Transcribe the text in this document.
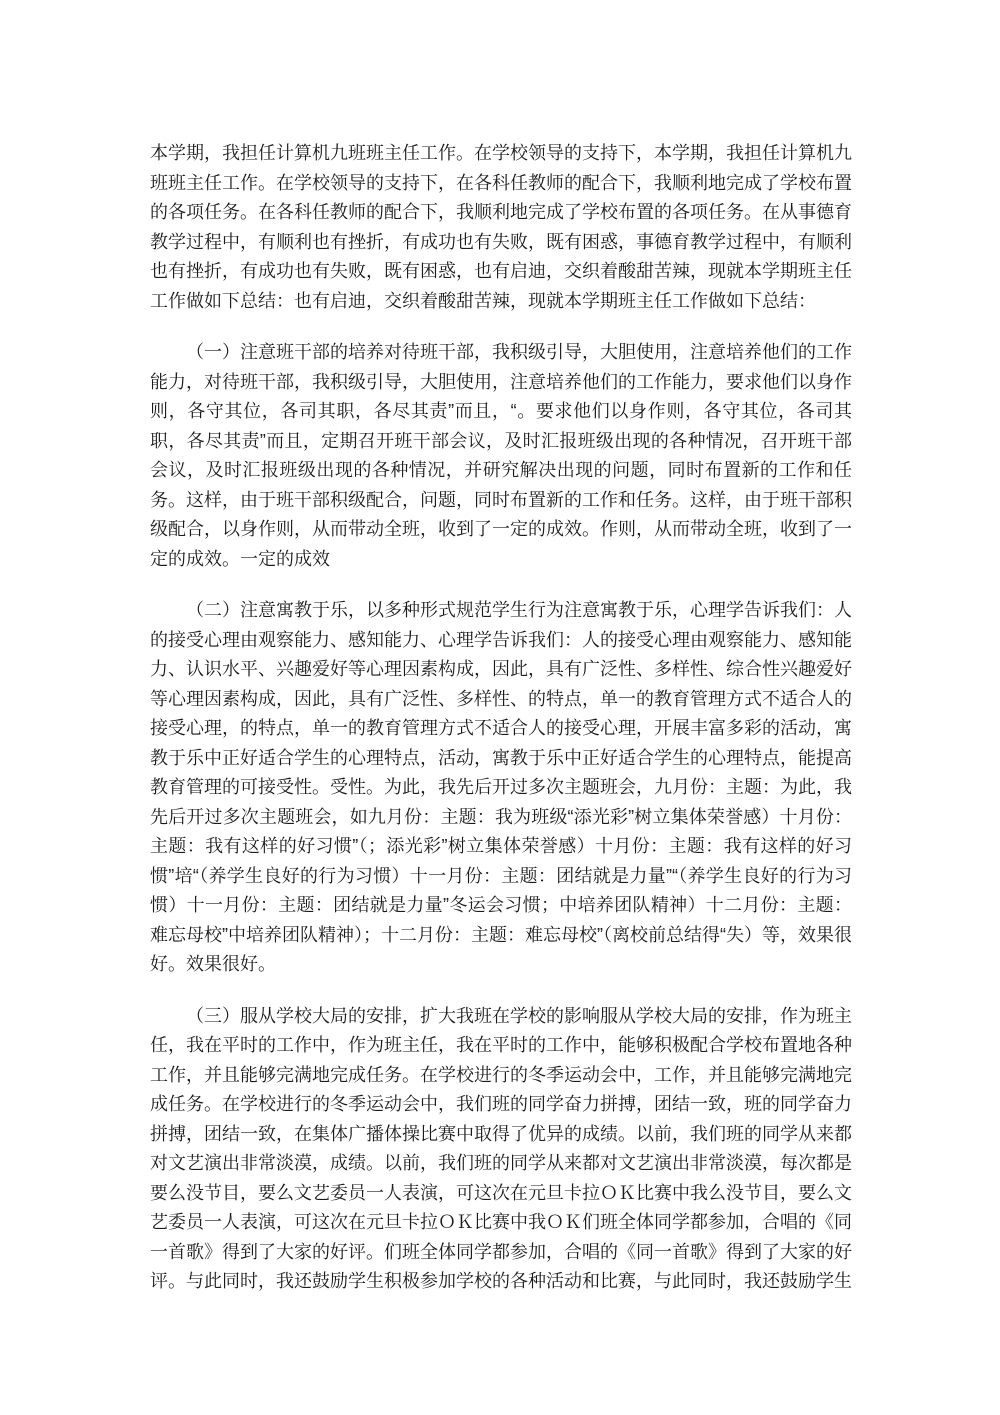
本学期，我担任计算机九班班主任工作。在学校领导的支持下，本学期，我担任计算机九班班主任工作。在学校领导的支持下，在各科任教师的配合下，我顺利地完成了学校布置的各项任务。在各科任教师的配合下，我顺利地完成了学校布置的各项任务。在从事德育教学过程中，有顺利也有挫折，有成功也有失败，既有困惑，事德育教学过程中，有顺利也有挫折，有成功也有失败，既有困惑，也有启迪，交织着酸甜苦辣，现就本学期班主任工作做如下总结：也有启迪，交织着酸甜苦辣，现就本学期班主任工作做如下总结：

（一）注意班干部的培养对待班干部，我积级引导，大胆使用，注意培养他们的工作能力，对待班干部，我积级引导，大胆使用，注意培养他们的工作能力，要求他们以身作则，各守其位，各司其职，各尽其责”而且，“。要求他们以身作则，各守其位，各司其职，各尽其责”而且，定期召开班干部会议，及时汇报班级出现的各种情况，召开班干部会议，及时汇报班级出现的各种情况，并研究解决出现的问题，同时布置新的工作和任务。这样，由于班干部积级配合，问题，同时布置新的工作和任务。这样，由于班干部积级配合，以身作则，从而带动全班，收到了一定的成效。作则，从而带动全班，收到了一定的成效。一定的成效

（二）注意寓教于乐，以多种形式规范学生行为注意寓教于乐，心理学告诉我们：人的接受心理由观察能力、感知能力、心理学告诉我们：人的接受心理由观察能力、感知能力、认识水平、兴趣爱好等心理因素构成，因此，具有广泛性、多样性、综合性兴趣爱好等心理因素构成，因此，具有广泛性、多样性、的特点，单一的教育管理方式不适合人的接受心理，的特点，单一的教育管理方式不适合人的接受心理，开展丰富多彩的活动，寓教于乐中正好适合学生的心理特点，活动，寓教于乐中正好适合学生的心理特点，能提高教育管理的可接受性。受性。为此，我先后开过多次主题班会，九月份：主题：为此，我先后开过多次主题班会，如九月份：主题：我为班级“添光彩”树立集体荣誉感）十月份：主题：我有这样的好习惯”（；添光彩”树立集体荣誉感）十月份：主题：我有这样的好习惯”培“（养学生良好的行为习惯）十一月份：主题：团结就是力量”“（养学生良好的行为习惯）十一月份：主题：团结就是力量”冬运会习惯；中培养团队精神）十二月份：主题：难忘母校”中培养团队精神）；十二月份：主题：难忘母校”（离校前总结得“失）等，效果很好。效果很好。

（三）服从学校大局的安排，扩大我班在学校的影响服从学校大局的安排，作为班主任，我在平时的工作中，作为班主任，我在平时的工作中，能够积极配合学校布置地各种工作，并且能够完满地完成任务。在学校进行的冬季运动会中，工作，并且能够完满地完成任务。在学校进行的冬季运动会中，我们班的同学奋力拼搏，团结一致，班的同学奋力拼搏，团结一致，在集体广播体操比赛中取得了优异的成绩。以前，我们班的同学从来都对文艺演出非常淡漠，成绩。以前，我们班的同学从来都对文艺演出非常淡漠，每次都是要么没节目，要么文艺委员一人表演，可这次在元旦卡拉ＯＫ比赛中我么没节目，要么文艺委员一人表演，可这次在元旦卡拉ＯＫ比赛中我ＯＫ们班全体同学都参加，合唱的《同一首歌》得到了大家的好评。们班全体同学都参加，合唱的《同一首歌》得到了大家的好评。与此同时，我还鼓励学生积极参加学校的各种活动和比赛，与此同时，我还鼓励学生
